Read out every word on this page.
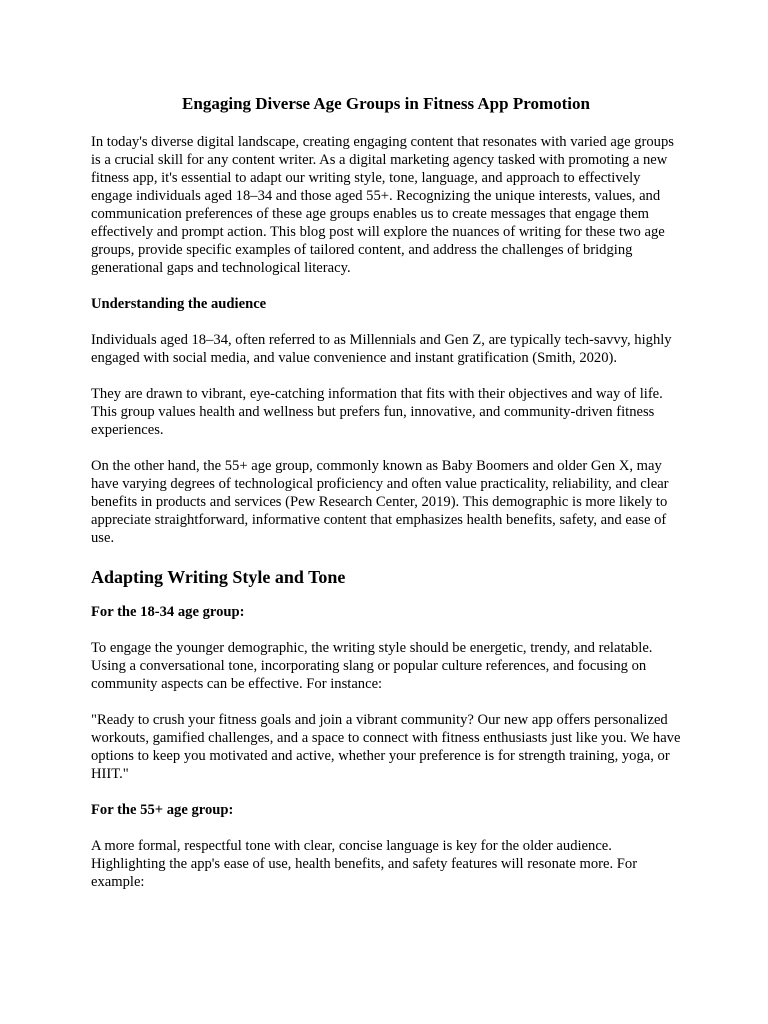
Engaging Diverse Age Groups in Fitness App Promotion

In today's diverse digital landscape, creating engaging content that resonates with varied age groups is a crucial skill for any content writer. As a digital marketing agency tasked with promoting a new fitness app, it's essential to adapt our writing style, tone, language, and approach to effectively engage individuals aged 18–34 and those aged 55+. Recognizing the unique interests, values, and communication preferences of these age groups enables us to create messages that engage them effectively and prompt action. This blog post will explore the nuances of writing for these two age groups, provide specific examples of tailored content, and address the challenges of bridging generational gaps and technological literacy.

Understanding the audience

Individuals aged 18–34, often referred to as Millennials and Gen Z, are typically tech-savvy, highly engaged with social media, and value convenience and instant gratification (Smith, 2020).

They are drawn to vibrant, eye-catching information that fits with their objectives and way of life. This group values health and wellness but prefers fun, innovative, and community-driven fitness experiences.

On the other hand, the 55+ age group, commonly known as Baby Boomers and older Gen X, may have varying degrees of technological proficiency and often value practicality, reliability, and clear benefits in products and services (Pew Research Center, 2019). This demographic is more likely to appreciate straightforward, informative content that emphasizes health benefits, safety, and ease of use.

Adapting Writing Style and Tone
For the 18-34 age group:

To engage the younger demographic, the writing style should be energetic, trendy, and relatable. Using a conversational tone, incorporating slang or popular culture references, and focusing on community aspects can be effective. For instance:

"Ready to crush your fitness goals and join a vibrant community? Our new app offers personalized workouts, gamified challenges, and a space to connect with fitness enthusiasts just like you. We have options to keep you motivated and active, whether your preference is for strength training, yoga, or HIIT."

For the 55+ age group:

A more formal, respectful tone with clear, concise language is key for the older audience. Highlighting the app's ease of use, health benefits, and safety features will resonate more. For example:
